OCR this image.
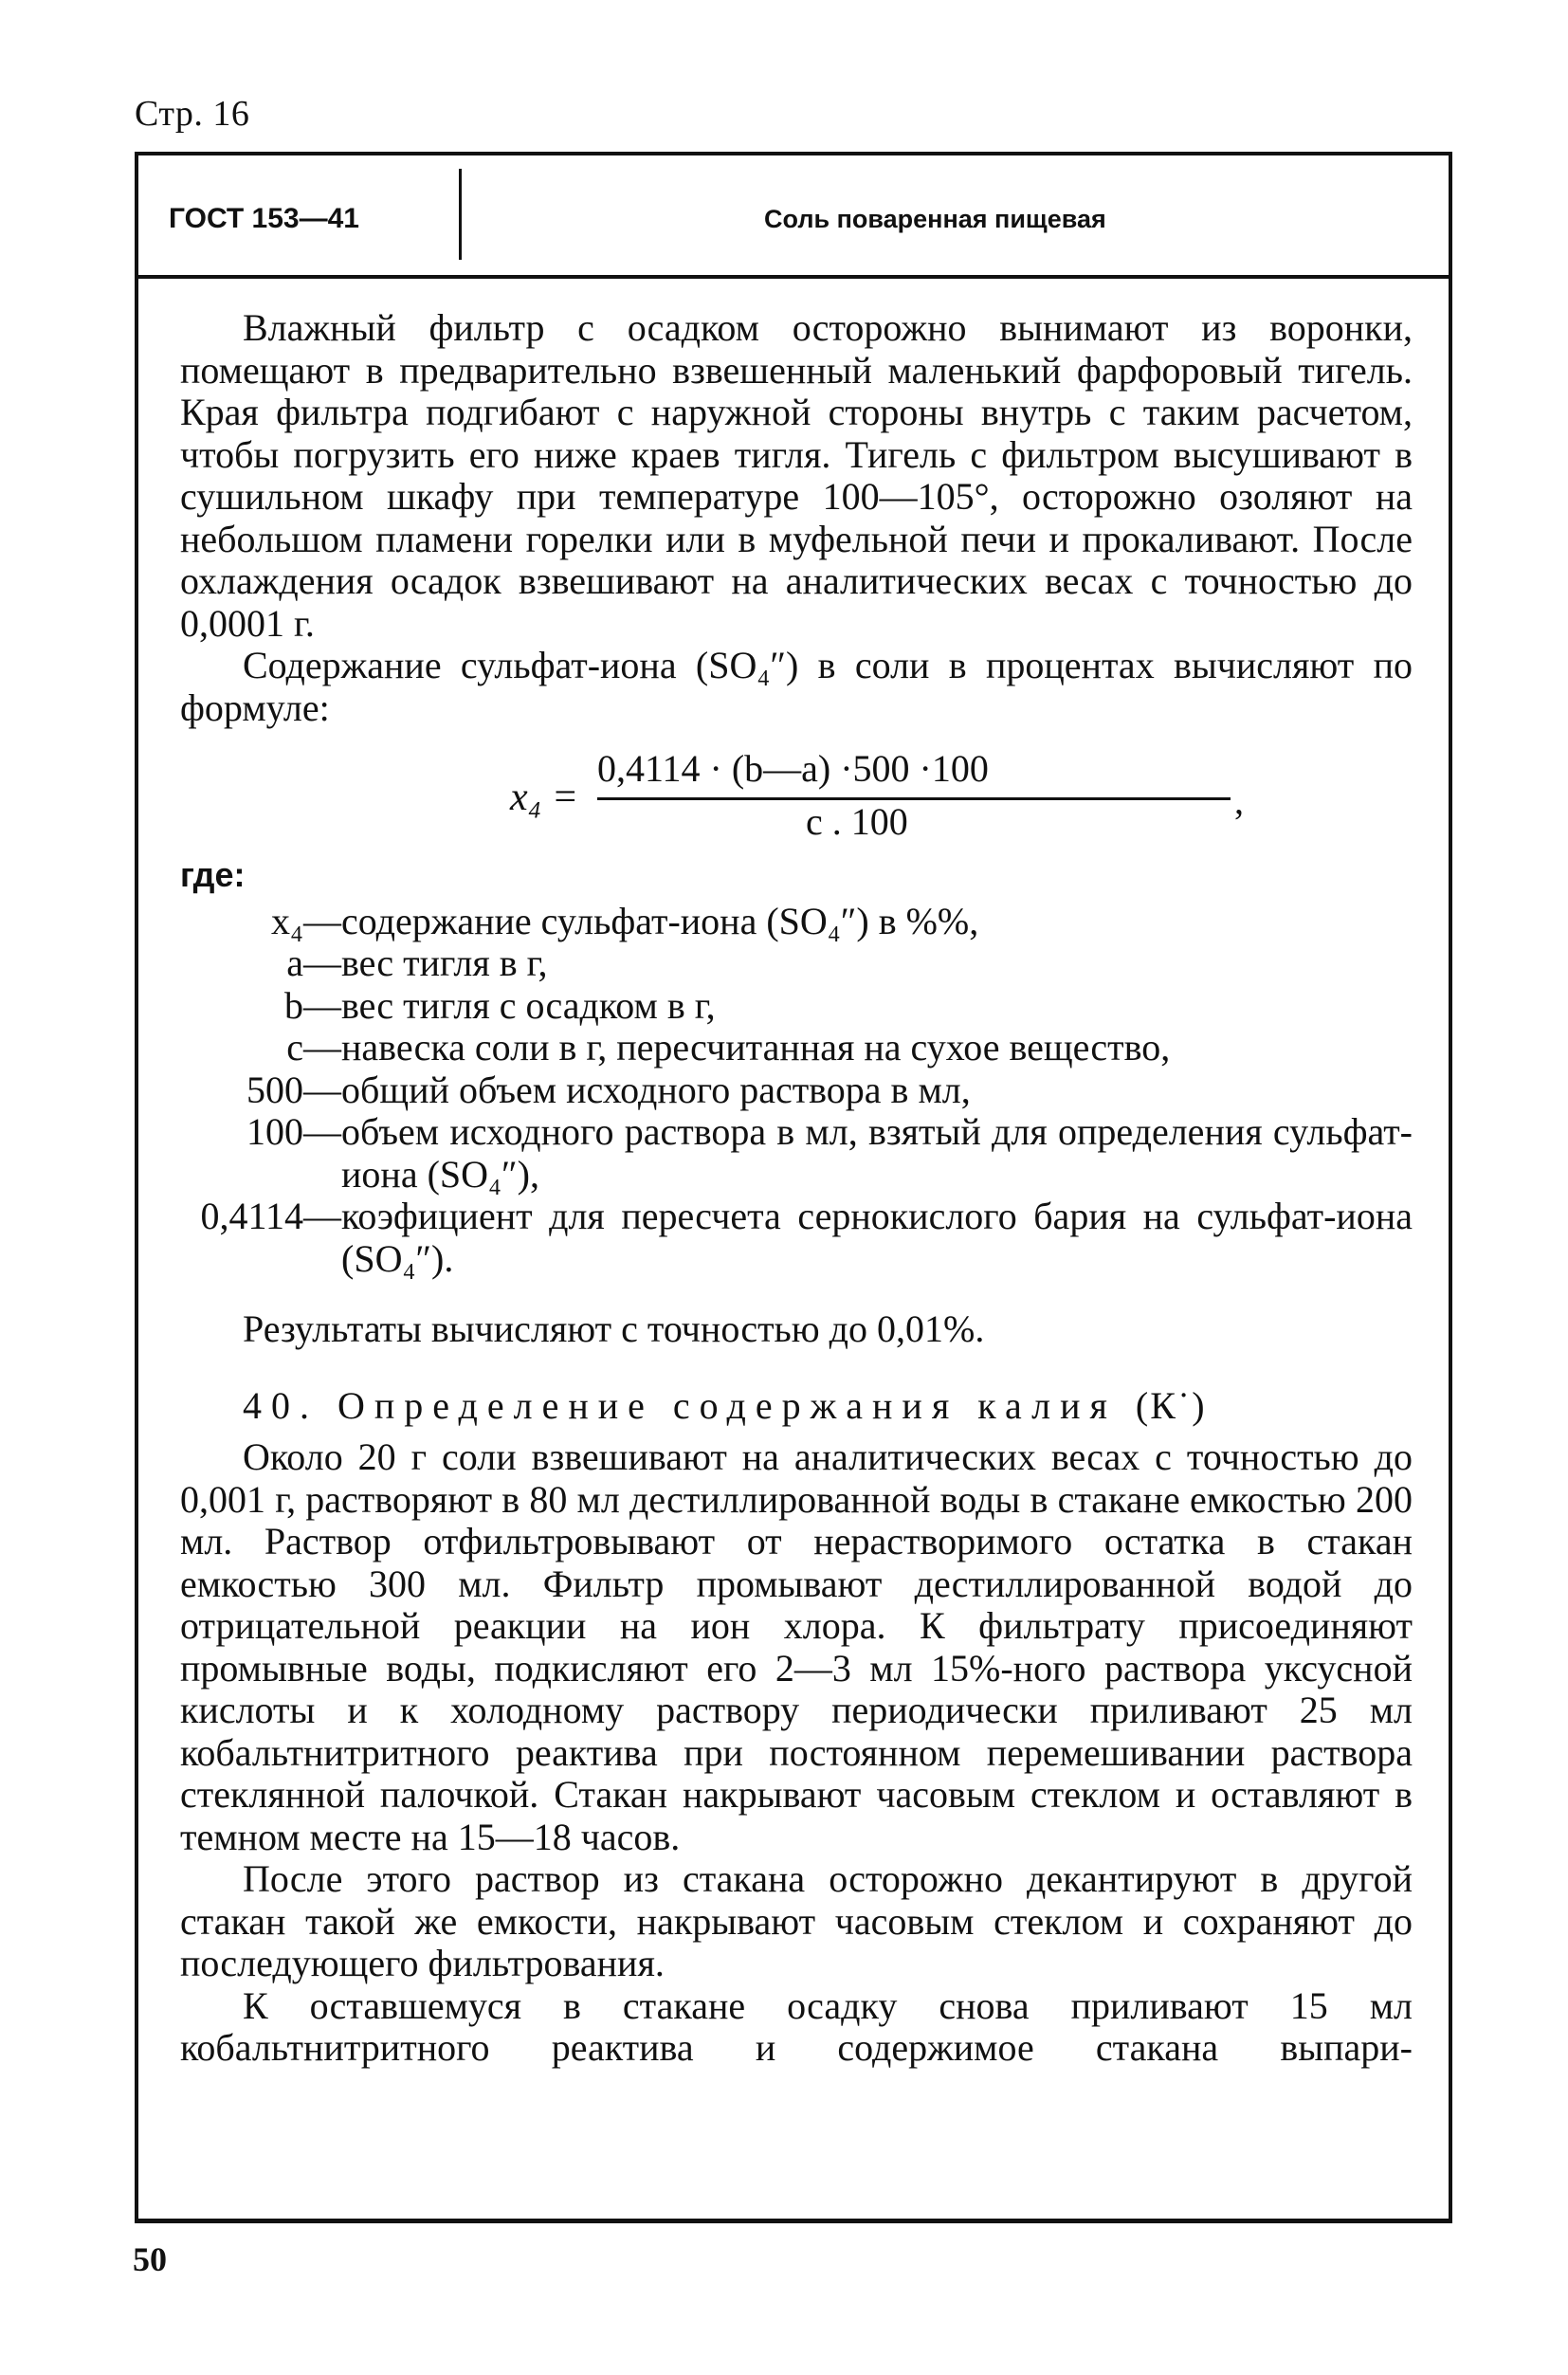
Стр. 16
ГОСТ 153—41	Соль поваренная пищевая

Влажный фильтр с осадком осторожно вынимают из воронки, помещают в предварительно взвешенный маленький фарфоровый тигель. Края фильтра подгибают с наружной стороны внутрь с таким расчетом, чтобы погрузить его ниже краев тигля. Тигель с фильтром высушивают в сушильном шкафу при температуре 100—105°, осторожно озоляют на небольшом пламени горелки или в муфельной печи и прокаливают. После охлаждения осадок взвешивают на аналитических весах с точностью до 0,0001 г.

Содержание сульфат-иона (SO₄″) в соли в процентах вычисляют по формуле:

x₄ =
0,4114 · (b—a) ·500 ·100
c . 100	,

где:

x₄— содержание сульфат-иона (SO₄″) в %%,
a— вес тигля в г,
b— вес тигля с осадком в г,
c— навеска соли в г, пересчитанная на сухое вещество,
500— общий объем исходного раствора в мл,
100— объем исходного раствора в мл, взятый для определения сульфат-иона (SO₄″),
0,4114— коэфициент для пересчета сернокислого бария на сульфат-иона (SO₄″).

Результаты вычисляют с точностью до 0,01%.

40. Определение содержания калия (К˙)

Около 20 г соли взвешивают на аналитических весах с точностью до 0,001 г, растворяют в 80 мл дестиллированной воды в стакане емкостью 200 мл. Раствор отфильтровывают от нерастворимого остатка в стакан емкостью 300 мл. Фильтр промывают дестиллированной водой до отрицательной реакции на ион хлора. К фильтрату присоединяют промывные воды, подкисляют его 2—3 мл 15%-ного раствора уксусной кислоты и к холодному раствору периодически приливают 25 мл кобальтнитритного реактива при постоянном перемешивании раствора стеклянной палочкой. Стакан накрывают часовым стеклом и оставляют в темном месте на 15—18 часов.

После этого раствор из стакана осторожно декантируют в другой стакан такой же емкости, накрывают часовым стеклом и сохраняют до последующего фильтрования.

К оставшемуся в стакане осадку снова приливают 15 мл кобальтнитритного реактива и содержимое стакана выпари-

50
